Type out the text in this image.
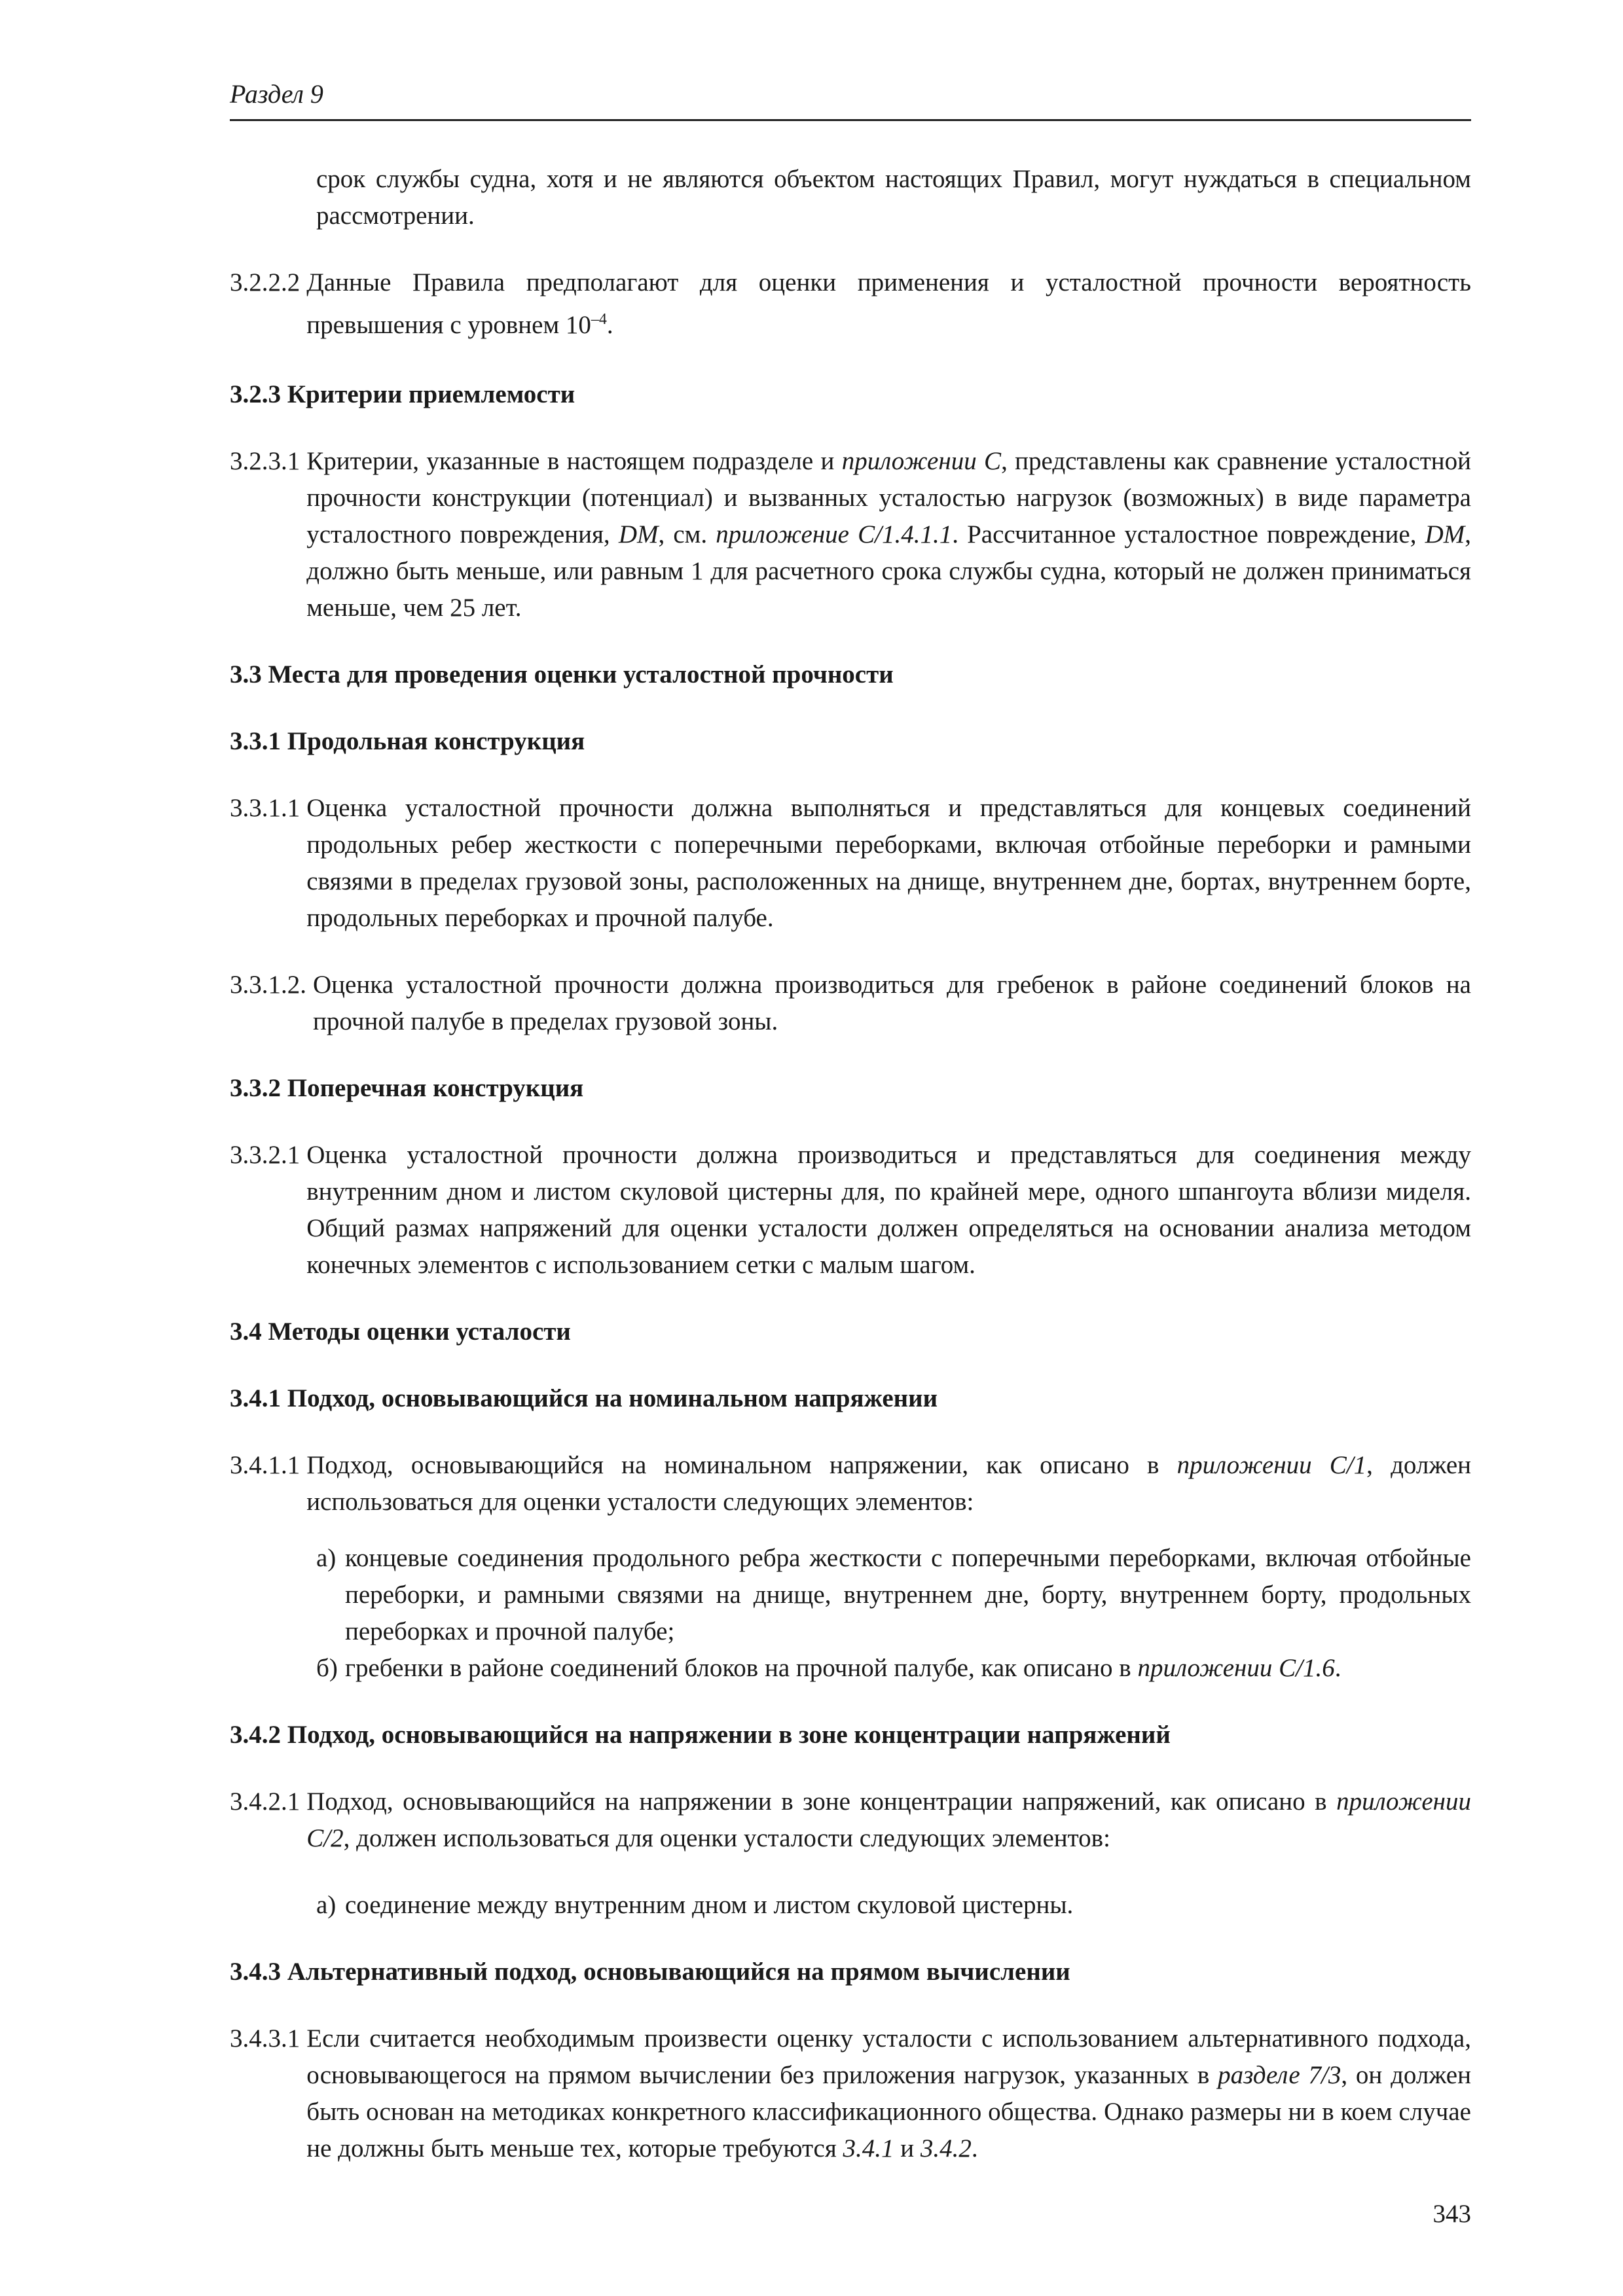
Раздел 9

срок службы судна, хотя и не являются объектом настоящих Правил, могут нуждаться в специальном рассмотрении.

3.2.2.2 Данные Правила предполагают для оценки применения и усталостной прочности вероятность превышения с уровнем $10^{-4}$.

3.2.3 Критерии приемлемости

3.2.3.1 Критерии, указанные в настоящем подразделе и приложении C, представлены как сравнение усталостной прочности конструкции (потенциал) и вызванных усталостью нагрузок (возможных) в виде параметра усталостного повреждения, DM, см. приложение C/1.4.1.1. Рассчитанное усталостное повреждение, DM, должно быть меньше, или равным 1 для расчетного срока службы судна, который не должен приниматься меньше, чем 25 лет.

3.3 Места для проведения оценки усталостной прочности

3.3.1 Продольная конструкция

3.3.1.1 Оценка усталостной прочности должна выполняться и представляться для концевых соединений продольных ребер жесткости с поперечными переборками, включая отбойные переборки и рамными связями в пределах грузовой зоны, расположенных на днище, внутреннем дне, бортах, внутреннем борте, продольных переборках и прочной палубе.
3.3.1.2. Оценка усталостной прочности должна производиться для гребенок в районе соединений блоков на прочной палубе в пределах грузовой зоны.

3.3.2 Поперечная конструкция

3.3.2.1 Оценка усталостной прочности должна производиться и представляться для соединения между внутренним дном и листом скуловой цистерны для, по крайней мере, одного шпангоута вблизи миделя. Общий размах напряжений для оценки усталости должен определяться на основании анализа методом конечных элементов с использованием сетки с малым шагом.

3.4 Методы оценки усталости

3.4.1 Подход, основывающийся на номинальном напряжении

3.4.1.1 Подход, основывающийся на номинальном напряжении, как описано в приложении C/1, должен использоваться для оценки усталости следующих элементов:
а) концевые соединения продольного ребра жесткости с поперечными переборками, включая отбойные переборки, и рамными связями на днище, внутреннем дне, борту, внутреннем борту, продольных переборках и прочной палубе;
б) гребенки в районе соединений блоков на прочной палубе, как описано в приложении C/1.6.

3.4.2 Подход, основывающийся на напряжении в зоне концентрации напряжений

3.4.2.1 Подход, основывающийся на напряжении в зоне концентрации напряжений, как описано в приложении C/2, должен использоваться для оценки усталости следующих элементов:
а) соединение между внутренним дном и листом скуловой цистерны.

3.4.3 Альтернативный подход, основывающийся на прямом вычислении

3.4.3.1 Если считается необходимым произвести оценку усталости с использованием альтернативного подхода, основывающегося на прямом вычислении без приложения нагрузок, указанных в разделе 7/3, он должен быть основан на методиках конкретного классификационного общества. Однако размеры ни в коем случае не должны быть меньше тех, которые требуются 3.4.1 и 3.4.2.
343
